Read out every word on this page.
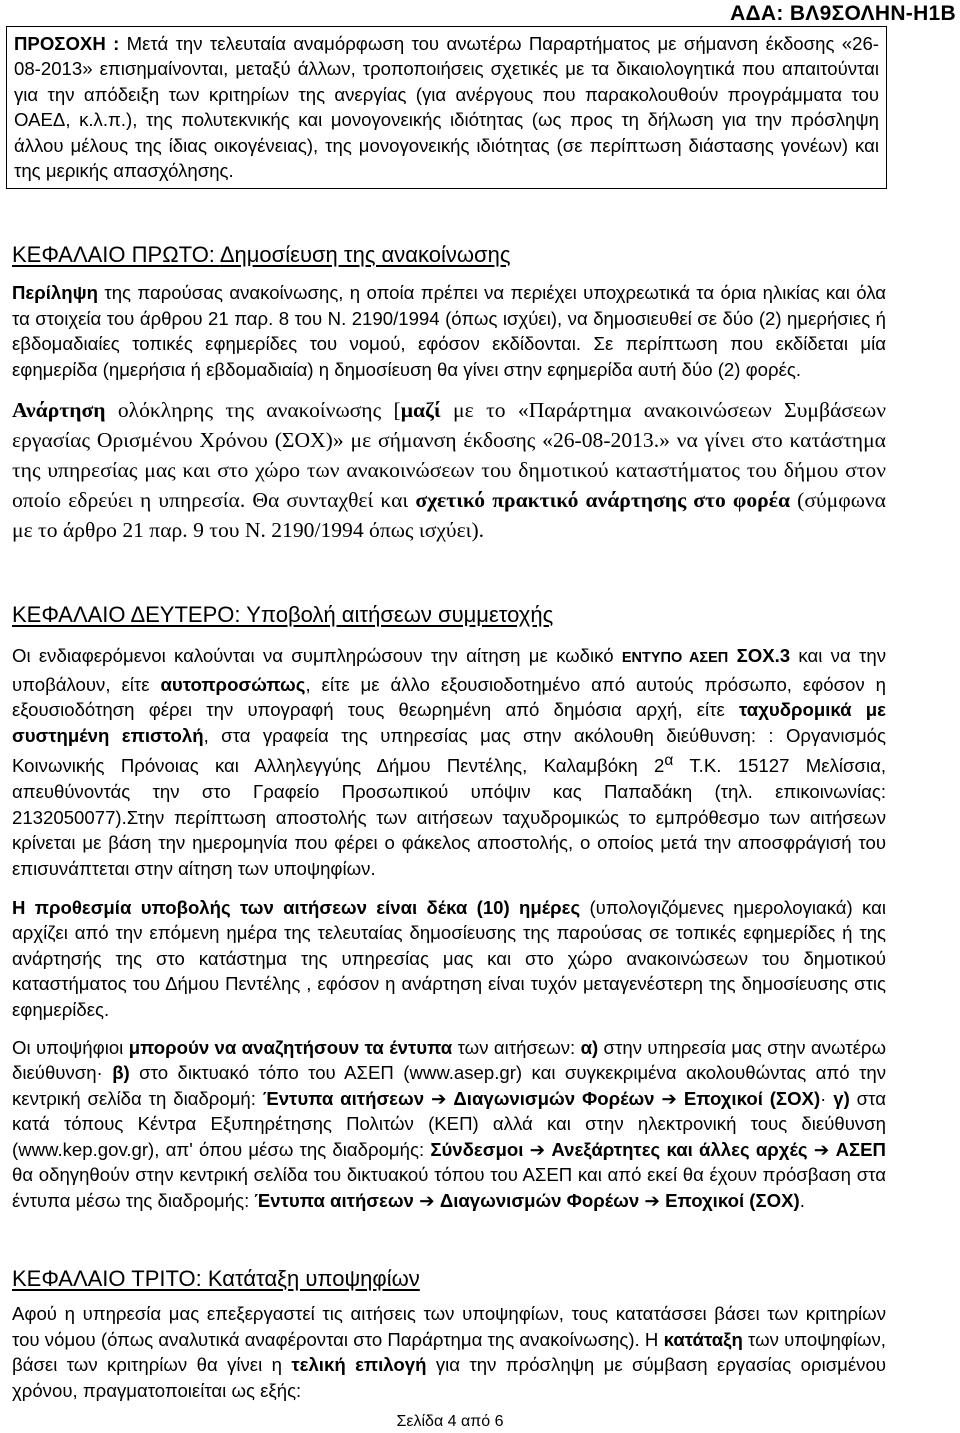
ΑΔΑ: ΒΛ9ΣΟΛΗΝ-Η1Β
ΠΡΟΣΟΧΗ : Μετά την τελευταία αναμόρφωση του ανωτέρω Παραρτήματος με σήμανση έκδοσης «26-08-2013» επισημαίνονται, μεταξύ άλλων, τροποποιήσεις σχετικές με τα δικαιολογητικά που απαιτούνται για την απόδειξη των κριτηρίων της ανεργίας (για ανέργους που παρακολουθούν προγράμματα του ΟΑΕΔ, κ.λ.π.), της πολυτεκνικής και μονογονεικής ιδιότητας (ως προς τη δήλωση για την πρόσληψη άλλου μέλους της ίδιας οικογένειας), της μονογονεικής ιδιότητας (σε περίπτωση διάστασης γονέων) και της μερικής απασχόλησης.

ΚΕΦΑΛΑΙΟ ΠΡΩΤΟ: Δημοσίευση της ανακοίνωσης

Περίληψη της παρούσας ανακοίνωσης, η οποία πρέπει να περιέχει υποχρεωτικά τα όρια ηλικίας και όλα τα στοιχεία του άρθρου 21 παρ. 8 του Ν. 2190/1994 (όπως ισχύει), να δημοσιευθεί σε δύο (2) ημερήσιες ή εβδομαδιαίες τοπικές εφημερίδες του νομού, εφόσον εκδίδονται. Σε περίπτωση που εκδίδεται μία εφημερίδα (ημερήσια ή εβδομαδιαία) η δημοσίευση θα γίνει στην εφημερίδα αυτή δύο (2) φορές.

Ανάρτηση ολόκληρης της ανακοίνωσης [μαζί με το «Παράρτημα ανακοινώσεων Συμβάσεων εργασίας Ορισμένου Χρόνου (ΣΟΧ)» με σήμανση έκδοσης «26-08-2013.» να γίνει στο κατάστημα της υπηρεσίας μας και στο χώρο των ανακοινώσεων του δημοτικού καταστήματος του δήμου στον οποίο εδρεύει η υπηρεσία. Θα συνταχθεί και σχετικό πρακτικό ανάρτησης στο φορέα (σύμφωνα με το άρθρο 21 παρ. 9 του Ν. 2190/1994 όπως ισχύει).

ΚΕΦΑΛΑΙΟ ΔΕΥΤΕΡΟ: Υποβολή αιτήσεων συμμετοχής

Οι ενδιαφερόμενοι καλούνται να συμπληρώσουν την αίτηση με κωδικό ΕΝΤΥΠΟ ΑΣΕΠ ΣΟΧ.3 και να την υποβάλουν, είτε αυτοπροσώπως, είτε με άλλο εξουσιοδοτημένο από αυτούς πρόσωπο, εφόσον η εξουσιοδότηση φέρει την υπογραφή τους θεωρημένη από δημόσια αρχή, είτε ταχυδρομικά με συστημένη επιστολή, στα γραφεία της υπηρεσίας μας στην ακόλουθη διεύθυνση: : Οργανισμός Κοινωνικής Πρόνοιας και Αλληλεγγύης Δήμου Πεντέλης, Καλαμβόκη $2^\alpha$ Τ.Κ. 15127 Μελίσσια, απευθύνοντάς την στο Γραφείο Προσωπικού υπόψιν κας Παπαδάκη (τηλ. επικοινωνίας: 2132050077).Στην περίπτωση αποστολής των αιτήσεων ταχυδρομικώς το εμπρόθεσμο των αιτήσεων κρίνεται με βάση την ημερομηνία που φέρει ο φάκελος αποστολής, ο οποίος μετά την αποσφράγισή του επισυνάπτεται στην αίτηση των υποψηφίων.

Η προθεσμία υποβολής των αιτήσεων είναι δέκα (10) ημέρες (υπολογιζόμενες ημερολογιακά) και αρχίζει από την επόμενη ημέρα της τελευταίας δημοσίευσης της παρούσας σε τοπικές εφημερίδες ή της ανάρτησής της στο κατάστημα της υπηρεσίας μας και στο χώρο ανακοινώσεων του δημοτικού καταστήματος του Δήμου Πεντέλης , εφόσον η ανάρτηση είναι τυχόν μεταγενέστερη της δημοσίευσης στις εφημερίδες.

Οι υποψήφιοι μπορούν να αναζητήσουν τα έντυπα των αιτήσεων: α) στην υπηρεσία μας στην ανωτέρω διεύθυνση· β) στο δικτυακό τόπο του ΑΣΕΠ (www.asep.gr) και συγκεκριμένα ακολουθώντας από την κεντρική σελίδα τη διαδρομή: Έντυπα αιτήσεων ➔ Διαγωνισμών Φορέων ➔ Εποχικοί (ΣΟΧ)· γ) στα κατά τόπους Κέντρα Εξυπηρέτησης Πολιτών (ΚΕΠ) αλλά και στην ηλεκτρονική τους διεύθυνση (www.kep.gov.gr), απ' όπου μέσω της διαδρομής: Σύνδεσμοι ➔ Ανεξάρτητες και άλλες αρχές ➔ ΑΣΕΠ θα οδηγηθούν στην κεντρική σελίδα του δικτυακού τόπου του ΑΣΕΠ και από εκεί θα έχουν πρόσβαση στα έντυπα μέσω της διαδρομής: Έντυπα αιτήσεων ➔ Διαγωνισμών Φορέων ➔ Εποχικοί (ΣΟΧ).

ΚΕΦΑΛΑΙΟ ΤΡΙΤΟ: Κατάταξη υποψηφίων

Αφού η υπηρεσία μας επεξεργαστεί τις αιτήσεις των υποψηφίων, τους κατατάσσει βάσει των κριτηρίων του νόμου (όπως αναλυτικά αναφέρονται στο Παράρτημα της ανακοίνωσης). Η κατάταξη των υποψηφίων, βάσει των κριτηρίων θα γίνει η τελική επιλογή για την πρόσληψη με σύμβαση εργασίας ορισμένου χρόνου, πραγματοποιείται ως εξής:

Σελίδα 4 από 6
